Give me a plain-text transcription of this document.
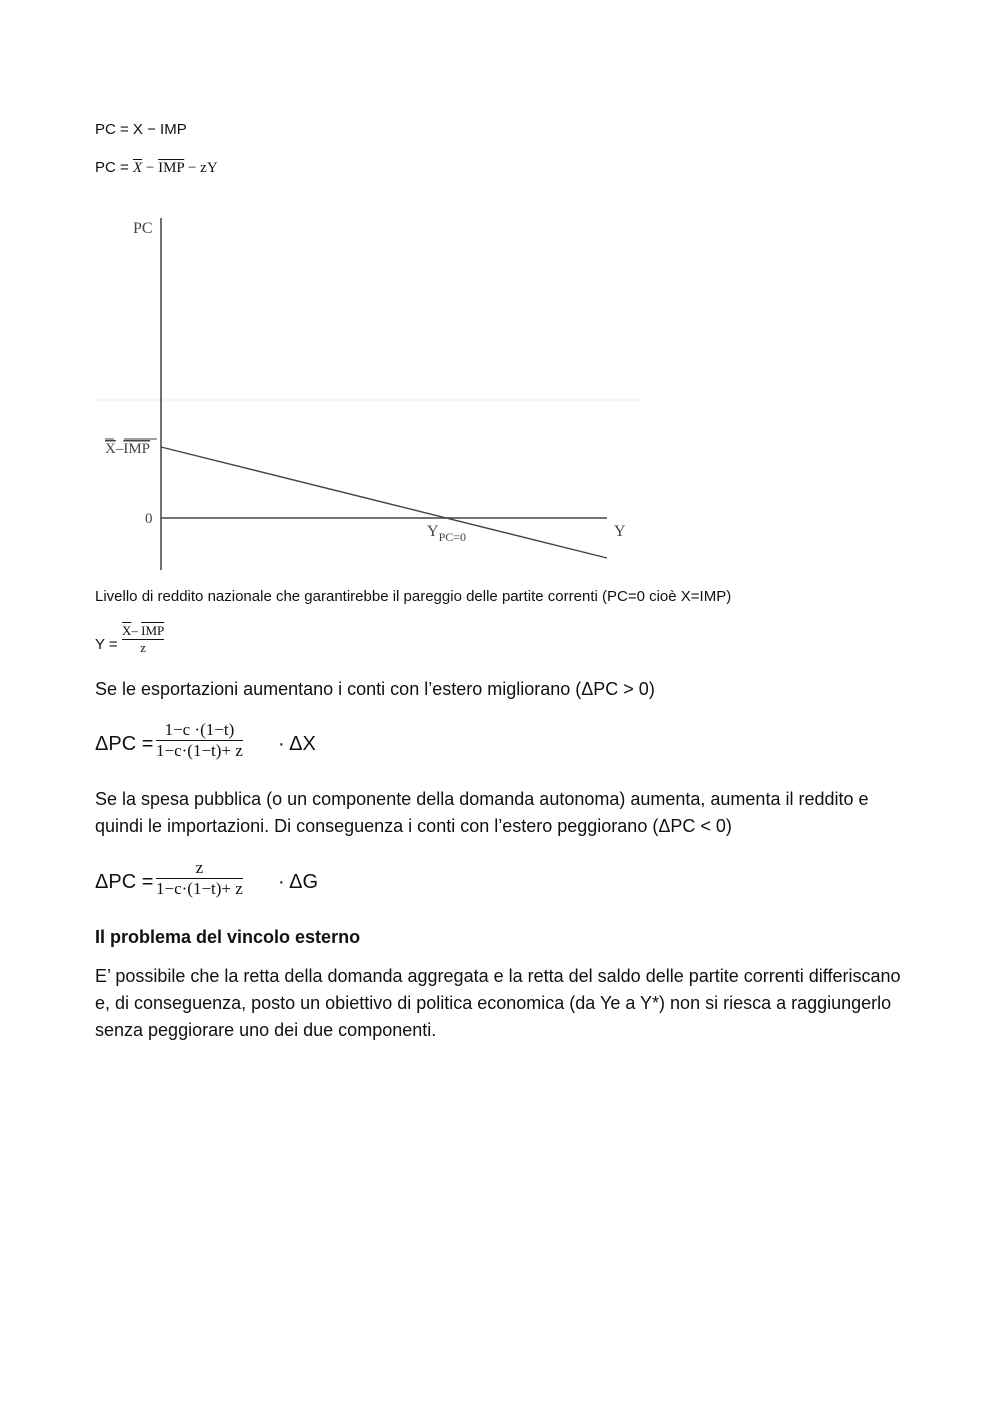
PC = X − IMP
PC = $\overline{X} - \overline{IMP}$ − zY
PC
Y
X–IMP
0
$Y_{PC=0}$
Livello di reddito nazionale che garantirebbe il pareggio delle partite correnti (PC=0 cioè X=IMP)
Y =
$\overline{X}-$ $\overline{IMP}$
z
Se le esportazioni aumentano i conti con l’estero migliorano (ΔPC > 0)
ΔPC =
1−c ·(1−t)
1−c·(1−t)+ z · ΔX
Se la spesa pubblica (o un componente della domanda autonoma) aumenta, aumenta il reddito e quindi le importazioni. Di conseguenza i conti con l’estero peggiorano (ΔPC < 0)
ΔPC =
z
1−c·(1−t)+ z · ΔG
Il problema del vincolo esterno
E’ possibile che la retta della domanda aggregata e la retta del saldo delle partite correnti differiscano e, di conseguenza, posto un obiettivo di politica economica (da Ye a Y*) non si riesca a raggiungerlo senza peggiorare uno dei due componenti.
